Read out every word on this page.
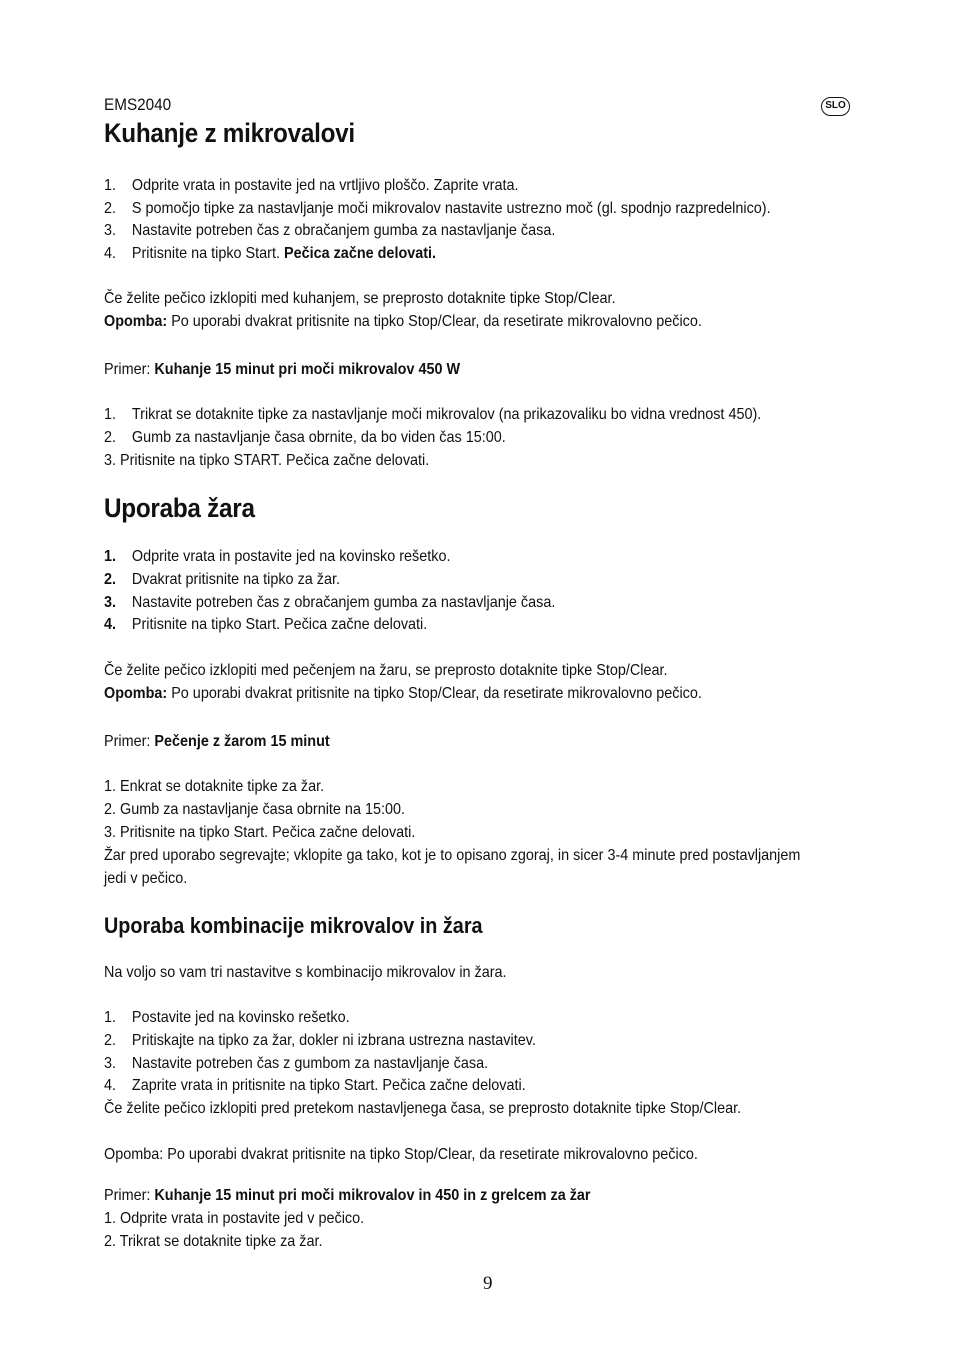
EMS2040	SLO
Kuhanje z mikrovalovi
1. Odprite vrata in postavite jed na vrtljivo ploščo. Zaprite vrata.
2. S pomočjo tipke za nastavljanje moči mikrovalov nastavite ustrezno moč (gl. spodnjo razpredelnico).
3. Nastavite potreben čas z obračanjem gumba za nastavljanje časa.
4. Pritisnite na tipko Start. Pečica začne delovati.
Če želite pečico izklopiti med kuhanjem, se preprosto dotaknite tipke Stop/Clear.
Opomba: Po uporabi dvakrat pritisnite na tipko Stop/Clear, da resetirate mikrovalovno pečico.
Primer: Kuhanje 15 minut pri moči mikrovalov 450 W
1. Trikrat se dotaknite tipke za nastavljanje moči mikrovalov (na prikazovaliku bo vidna vrednost 450).
2. Gumb za nastavljanje časa obrnite, da bo viden čas 15:00.
3. Pritisnite na tipko START. Pečica začne delovati.
Uporaba žara
1. Odprite vrata in postavite jed na kovinsko rešetko.
2. Dvakrat pritisnite na tipko za žar.
3. Nastavite potreben čas z obračanjem gumba za nastavljanje časa.
4. Pritisnite na tipko Start. Pečica začne delovati.
Če želite pečico izklopiti med pečenjem na žaru, se preprosto dotaknite tipke Stop/Clear.
Opomba: Po uporabi dvakrat pritisnite na tipko Stop/Clear, da resetirate mikrovalovno pečico.
Primer: Pečenje z žarom 15 minut
1. Enkrat se dotaknite tipke za žar.
2. Gumb za nastavljanje časa obrnite na 15:00.
3. Pritisnite na tipko Start. Pečica začne delovati.
Žar pred uporabo segrevajte; vklopite ga tako, kot je to opisano zgoraj, in sicer 3-4 minute pred postavljanjem
jedi v pečico.
Uporaba kombinacije mikrovalov in žara
Na voljo so vam tri nastavitve s kombinacijo mikrovalov in žara.
1. Postavite jed na kovinsko rešetko.
2. Pritiskajte na tipko za žar, dokler ni izbrana ustrezna nastavitev.
3. Nastavite potreben čas z gumbom za nastavljanje časa.
4. Zaprite vrata in pritisnite na tipko Start. Pečica začne delovati.
Če želite pečico izklopiti pred pretekom nastavljenega časa, se preprosto dotaknite tipke Stop/Clear.
Opomba: Po uporabi dvakrat pritisnite na tipko Stop/Clear, da resetirate mikrovalovno pečico.
Primer: Kuhanje 15 minut pri moči mikrovalov in 450 in z grelcem za žar
1. Odprite vrata in postavite jed v pečico.
2. Trikrat se dotaknite tipke za žar.
9
